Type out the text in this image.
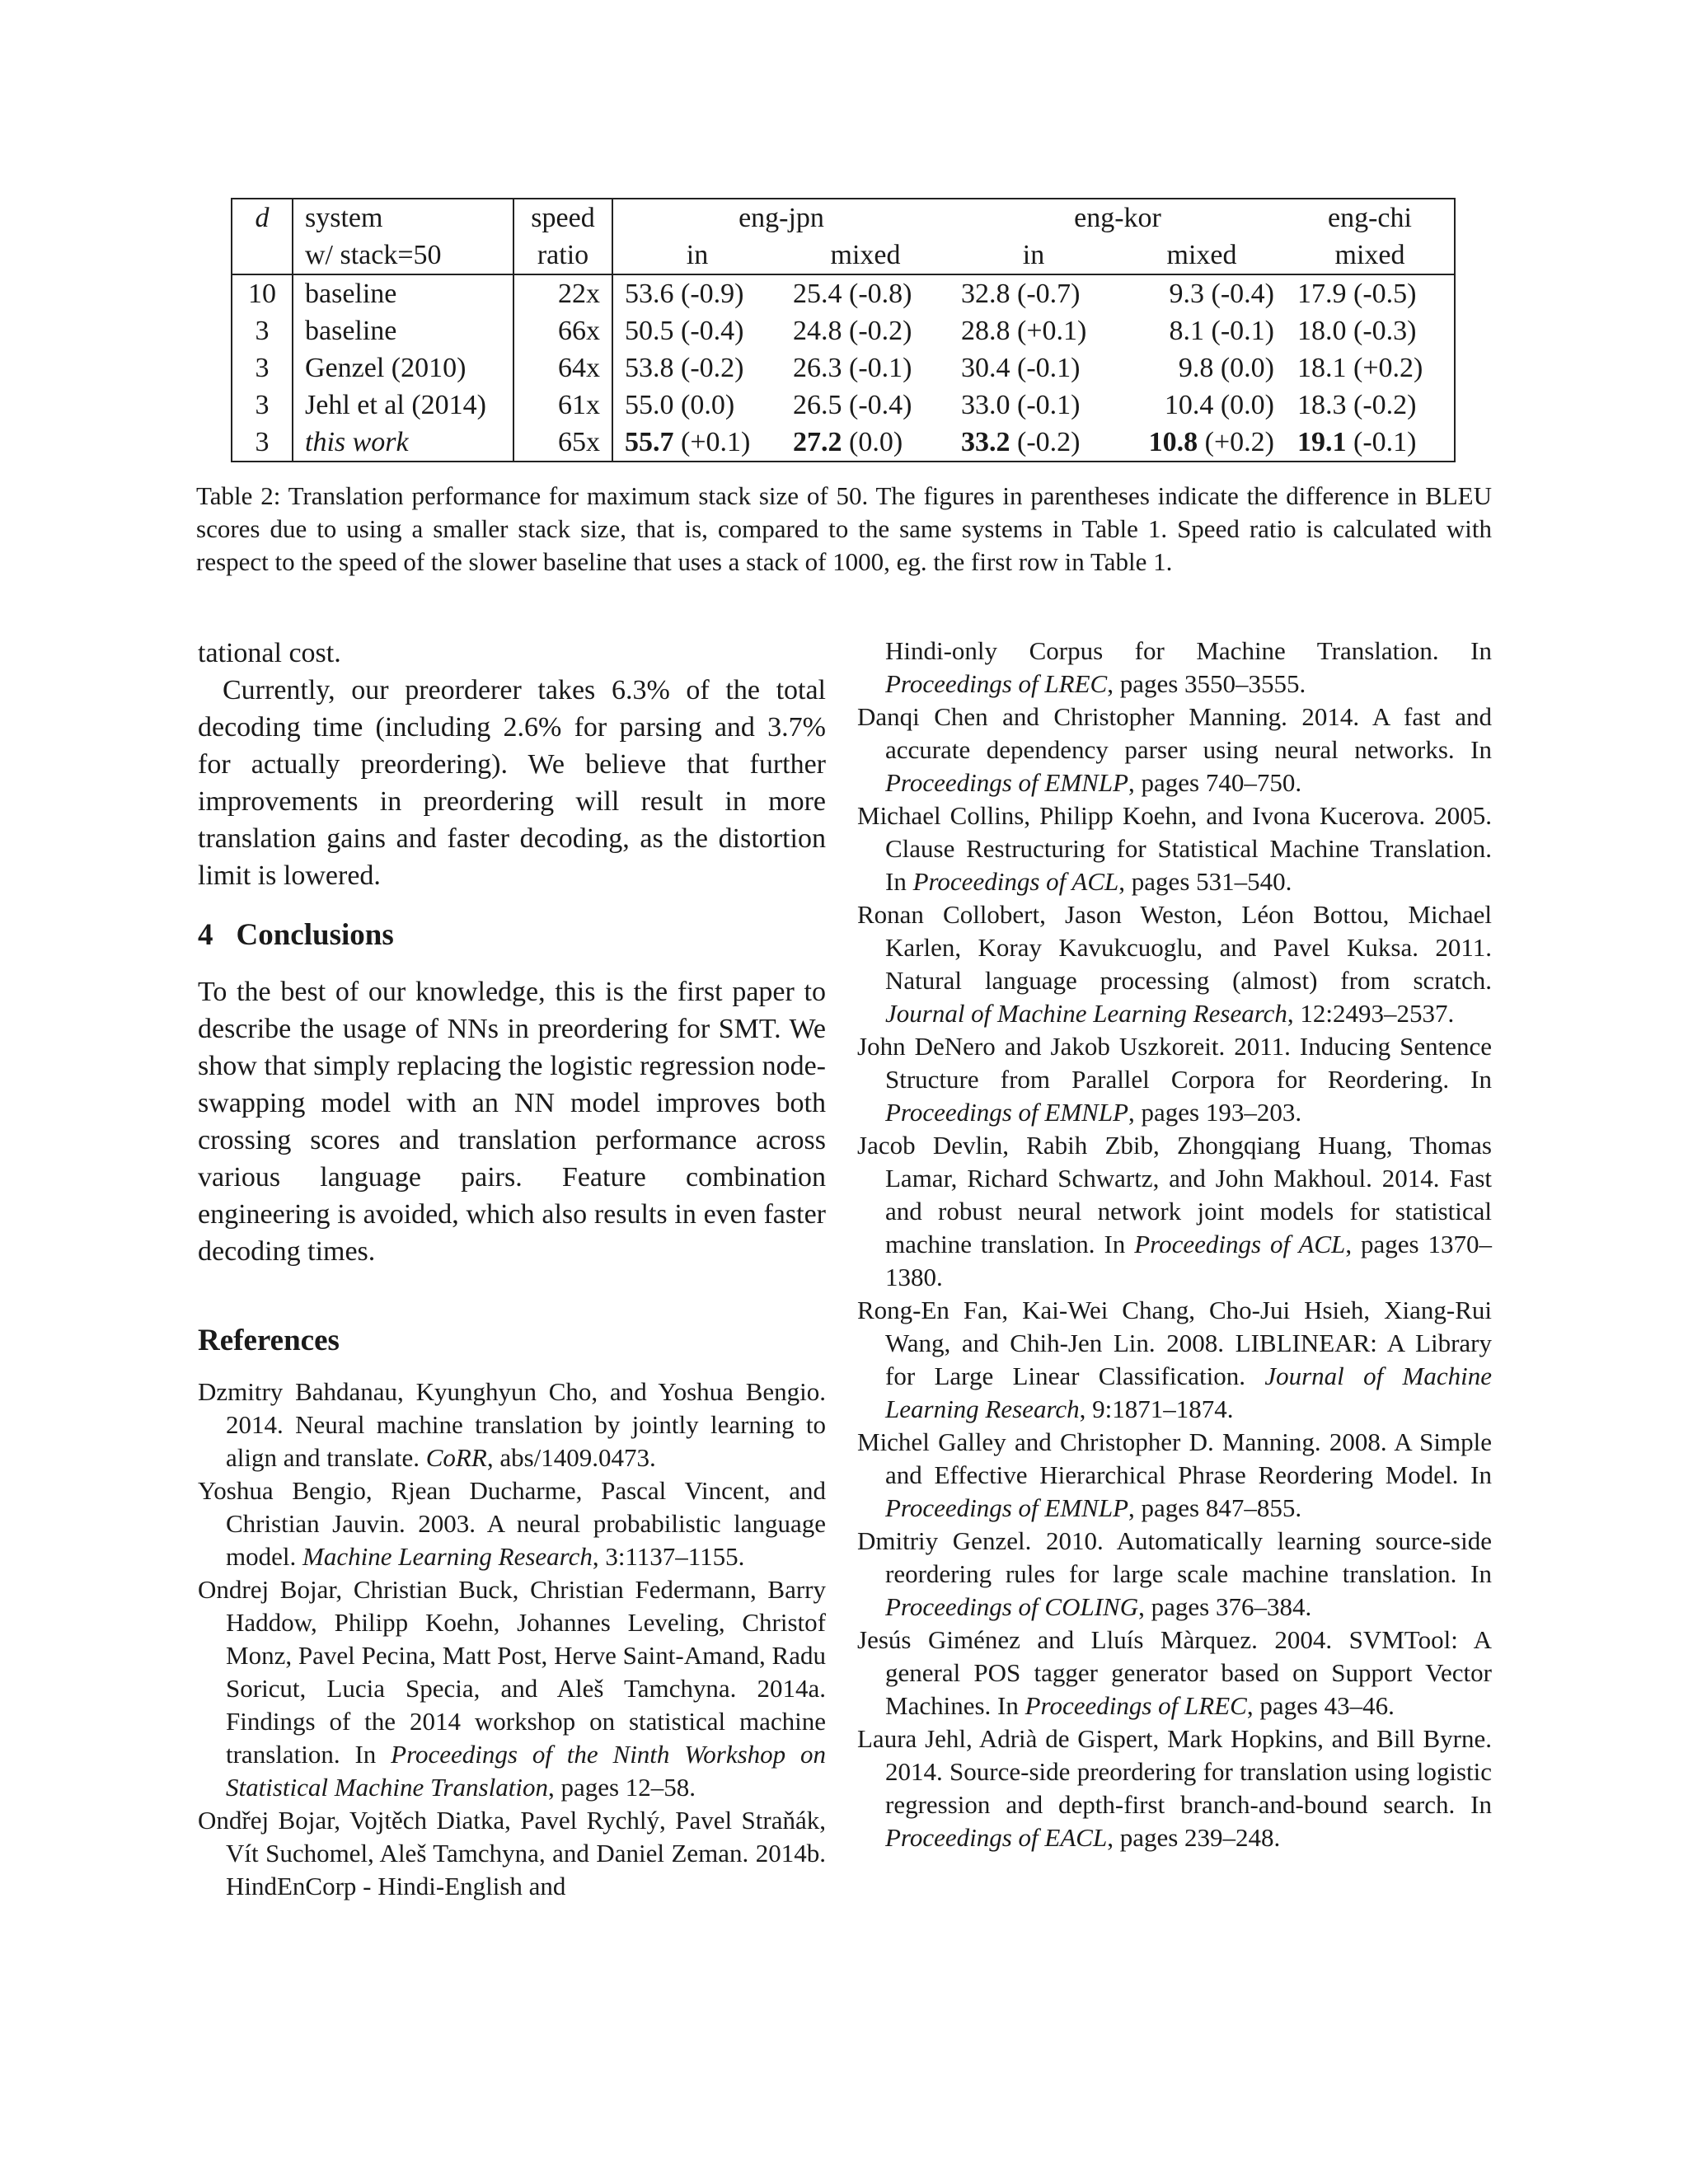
d	system	speed	eng-jpn		eng-kor		eng-chi
	w/ stack=50	ratio	in	mixed	in	mixed	mixed
10	baseline	22x	53.6 (-0.9)	25.4 (-0.8)	32.8 (-0.7)	9.3 (-0.4)	17.9 (-0.5)
3	baseline	66x	50.5 (-0.4)	24.8 (-0.2)	28.8 (+0.1)	8.1 (-0.1)	18.0 (-0.3)
3	Genzel (2010)	64x	53.8 (-0.2)	26.3 (-0.1)	30.4 (-0.1)	9.8 (0.0)	18.1 (+0.2)
3	Jehl et al (2014)	61x	55.0 (0.0)	26.5 (-0.4)	33.0 (-0.1)	10.4 (0.0)	18.3 (-0.2)
3	this work	65x	55.7 (+0.1)	27.2 (0.0)	33.2 (-0.2)	10.8 (+0.2)	19.1 (-0.1)
Table 2: Translation performance for maximum stack size of 50. The figures in parentheses indicate the difference in BLEU scores due to using a smaller stack size, that is, compared to the same systems in Table 1. Speed ratio is calculated with respect to the speed of the slower baseline that uses a stack of 1000, eg. the first row in Table 1.

tational cost.

Currently, our preorderer takes 6.3% of the total decoding time (including 2.6% for parsing and 3.7% for actually preordering). We believe that further improvements in preordering will result in more translation gains and faster decoding, as the distortion limit is lowered.

4 Conclusions

To the best of our knowledge, this is the first paper to describe the usage of NNs in preordering for SMT. We show that simply replacing the logistic regression node-swapping model with an NN model improves both crossing scores and translation performance across various language pairs. Feature combination engineering is avoided, which also results in even faster decoding times.

References

Dzmitry Bahdanau, Kyunghyun Cho, and Yoshua Bengio. 2014. Neural machine translation by jointly learning to align and translate. CoRR, abs/1409.0473.

Yoshua Bengio, Rjean Ducharme, Pascal Vincent, and Christian Jauvin. 2003. A neural probabilistic language model. Machine Learning Research, 3:1137–1155.

Ondrej Bojar, Christian Buck, Christian Federmann, Barry Haddow, Philipp Koehn, Johannes Leveling, Christof Monz, Pavel Pecina, Matt Post, Herve Saint-Amand, Radu Soricut, Lucia Specia, and Aleš Tamchyna. 2014a. Findings of the 2014 workshop on statistical machine translation. In Proceedings of the Ninth Workshop on Statistical Machine Translation, pages 12–58.

Ondřej Bojar, Vojtěch Diatka, Pavel Rychlý, Pavel Straňák, Vít Suchomel, Aleš Tamchyna, and Daniel Zeman. 2014b. HindEnCorp - Hindi-English and

Hindi-only Corpus for Machine Translation. In Proceedings of LREC, pages 3550–3555.

Danqi Chen and Christopher Manning. 2014. A fast and accurate dependency parser using neural networks. In Proceedings of EMNLP, pages 740–750.

Michael Collins, Philipp Koehn, and Ivona Kucerova. 2005. Clause Restructuring for Statistical Machine Translation. In Proceedings of ACL, pages 531–540.

Ronan Collobert, Jason Weston, Léon Bottou, Michael Karlen, Koray Kavukcuoglu, and Pavel Kuksa. 2011. Natural language processing (almost) from scratch. Journal of Machine Learning Research, 12:2493–2537.

John DeNero and Jakob Uszkoreit. 2011. Inducing Sentence Structure from Parallel Corpora for Reordering. In Proceedings of EMNLP, pages 193–203.

Jacob Devlin, Rabih Zbib, Zhongqiang Huang, Thomas Lamar, Richard Schwartz, and John Makhoul. 2014. Fast and robust neural network joint models for statistical machine translation. In Proceedings of ACL, pages 1370–1380.

Rong-En Fan, Kai-Wei Chang, Cho-Jui Hsieh, Xiang-Rui Wang, and Chih-Jen Lin. 2008. LIBLINEAR: A Library for Large Linear Classification. Journal of Machine Learning Research, 9:1871–1874.

Michel Galley and Christopher D. Manning. 2008. A Simple and Effective Hierarchical Phrase Reordering Model. In Proceedings of EMNLP, pages 847–855.

Dmitriy Genzel. 2010. Automatically learning source-side reordering rules for large scale machine translation. In Proceedings of COLING, pages 376–384.

Jesús Giménez and Lluís Màrquez. 2004. SVMTool: A general POS tagger generator based on Support Vector Machines. In Proceedings of LREC, pages 43–46.

Laura Jehl, Adrià de Gispert, Mark Hopkins, and Bill Byrne. 2014. Source-side preordering for translation using logistic regression and depth-first branch-and-bound search. In Proceedings of EACL, pages 239–248.
